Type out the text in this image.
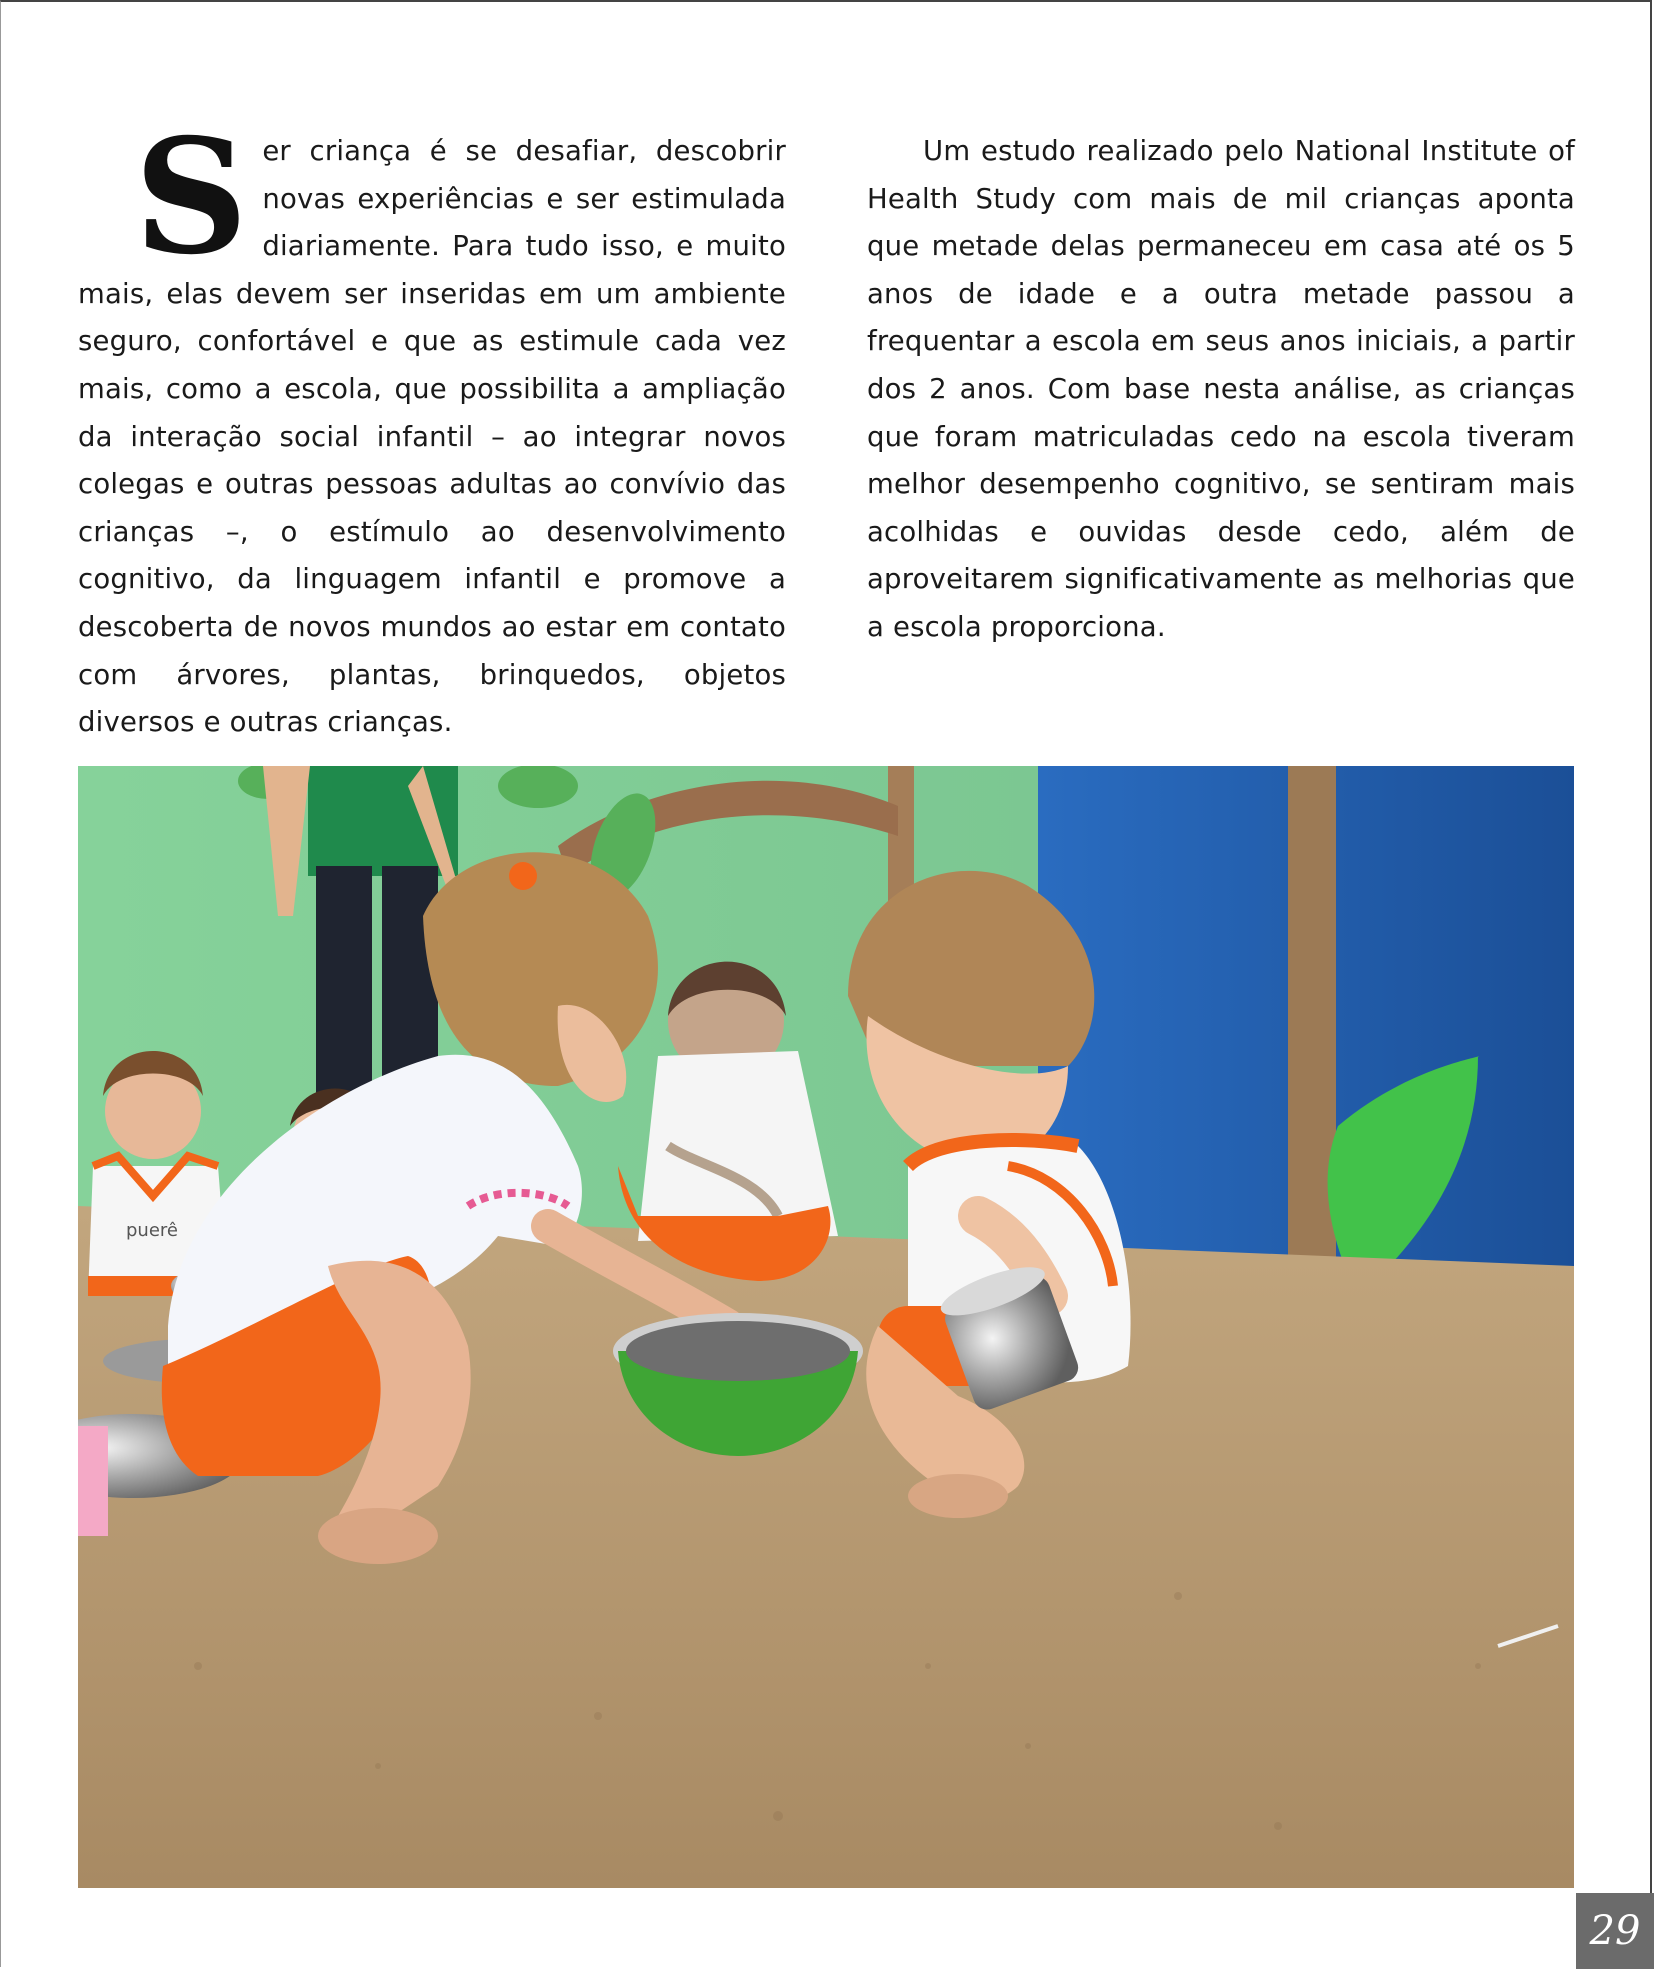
Ser criança é se desafiar, descobrir novas experiências e ser estimulada diariamente. Para tudo isso, e muito mais, elas devem ser inseridas em um ambiente seguro, confortável e que as estimule cada vez mais, como a escola, que possibilita a ampliação da interação social infantil – ao integrar novos colegas e outras pessoas adultas ao convívio das crianças –, o estímulo ao desenvolvimento cognitivo, da linguagem infantil e promove a descoberta de novos mundos ao estar em contato com árvores, plantas, brinquedos, objetos diversos e outras crianças.

Um estudo realizado pelo National Institute of Health Study com mais de mil crianças aponta que metade delas permaneceu em casa até os 5 anos de idade e a outra metade passou a frequentar a escola em seus anos iniciais, a partir dos 2 anos. Com base nesta análise, as crianças que foram matriculadas cedo na escola tiveram melhor desempenho cognitivo, se sentiram mais acolhidas e ouvidas desde cedo, além de aproveitarem significativamente as melhorias que a escola proporciona.

puerê
29
